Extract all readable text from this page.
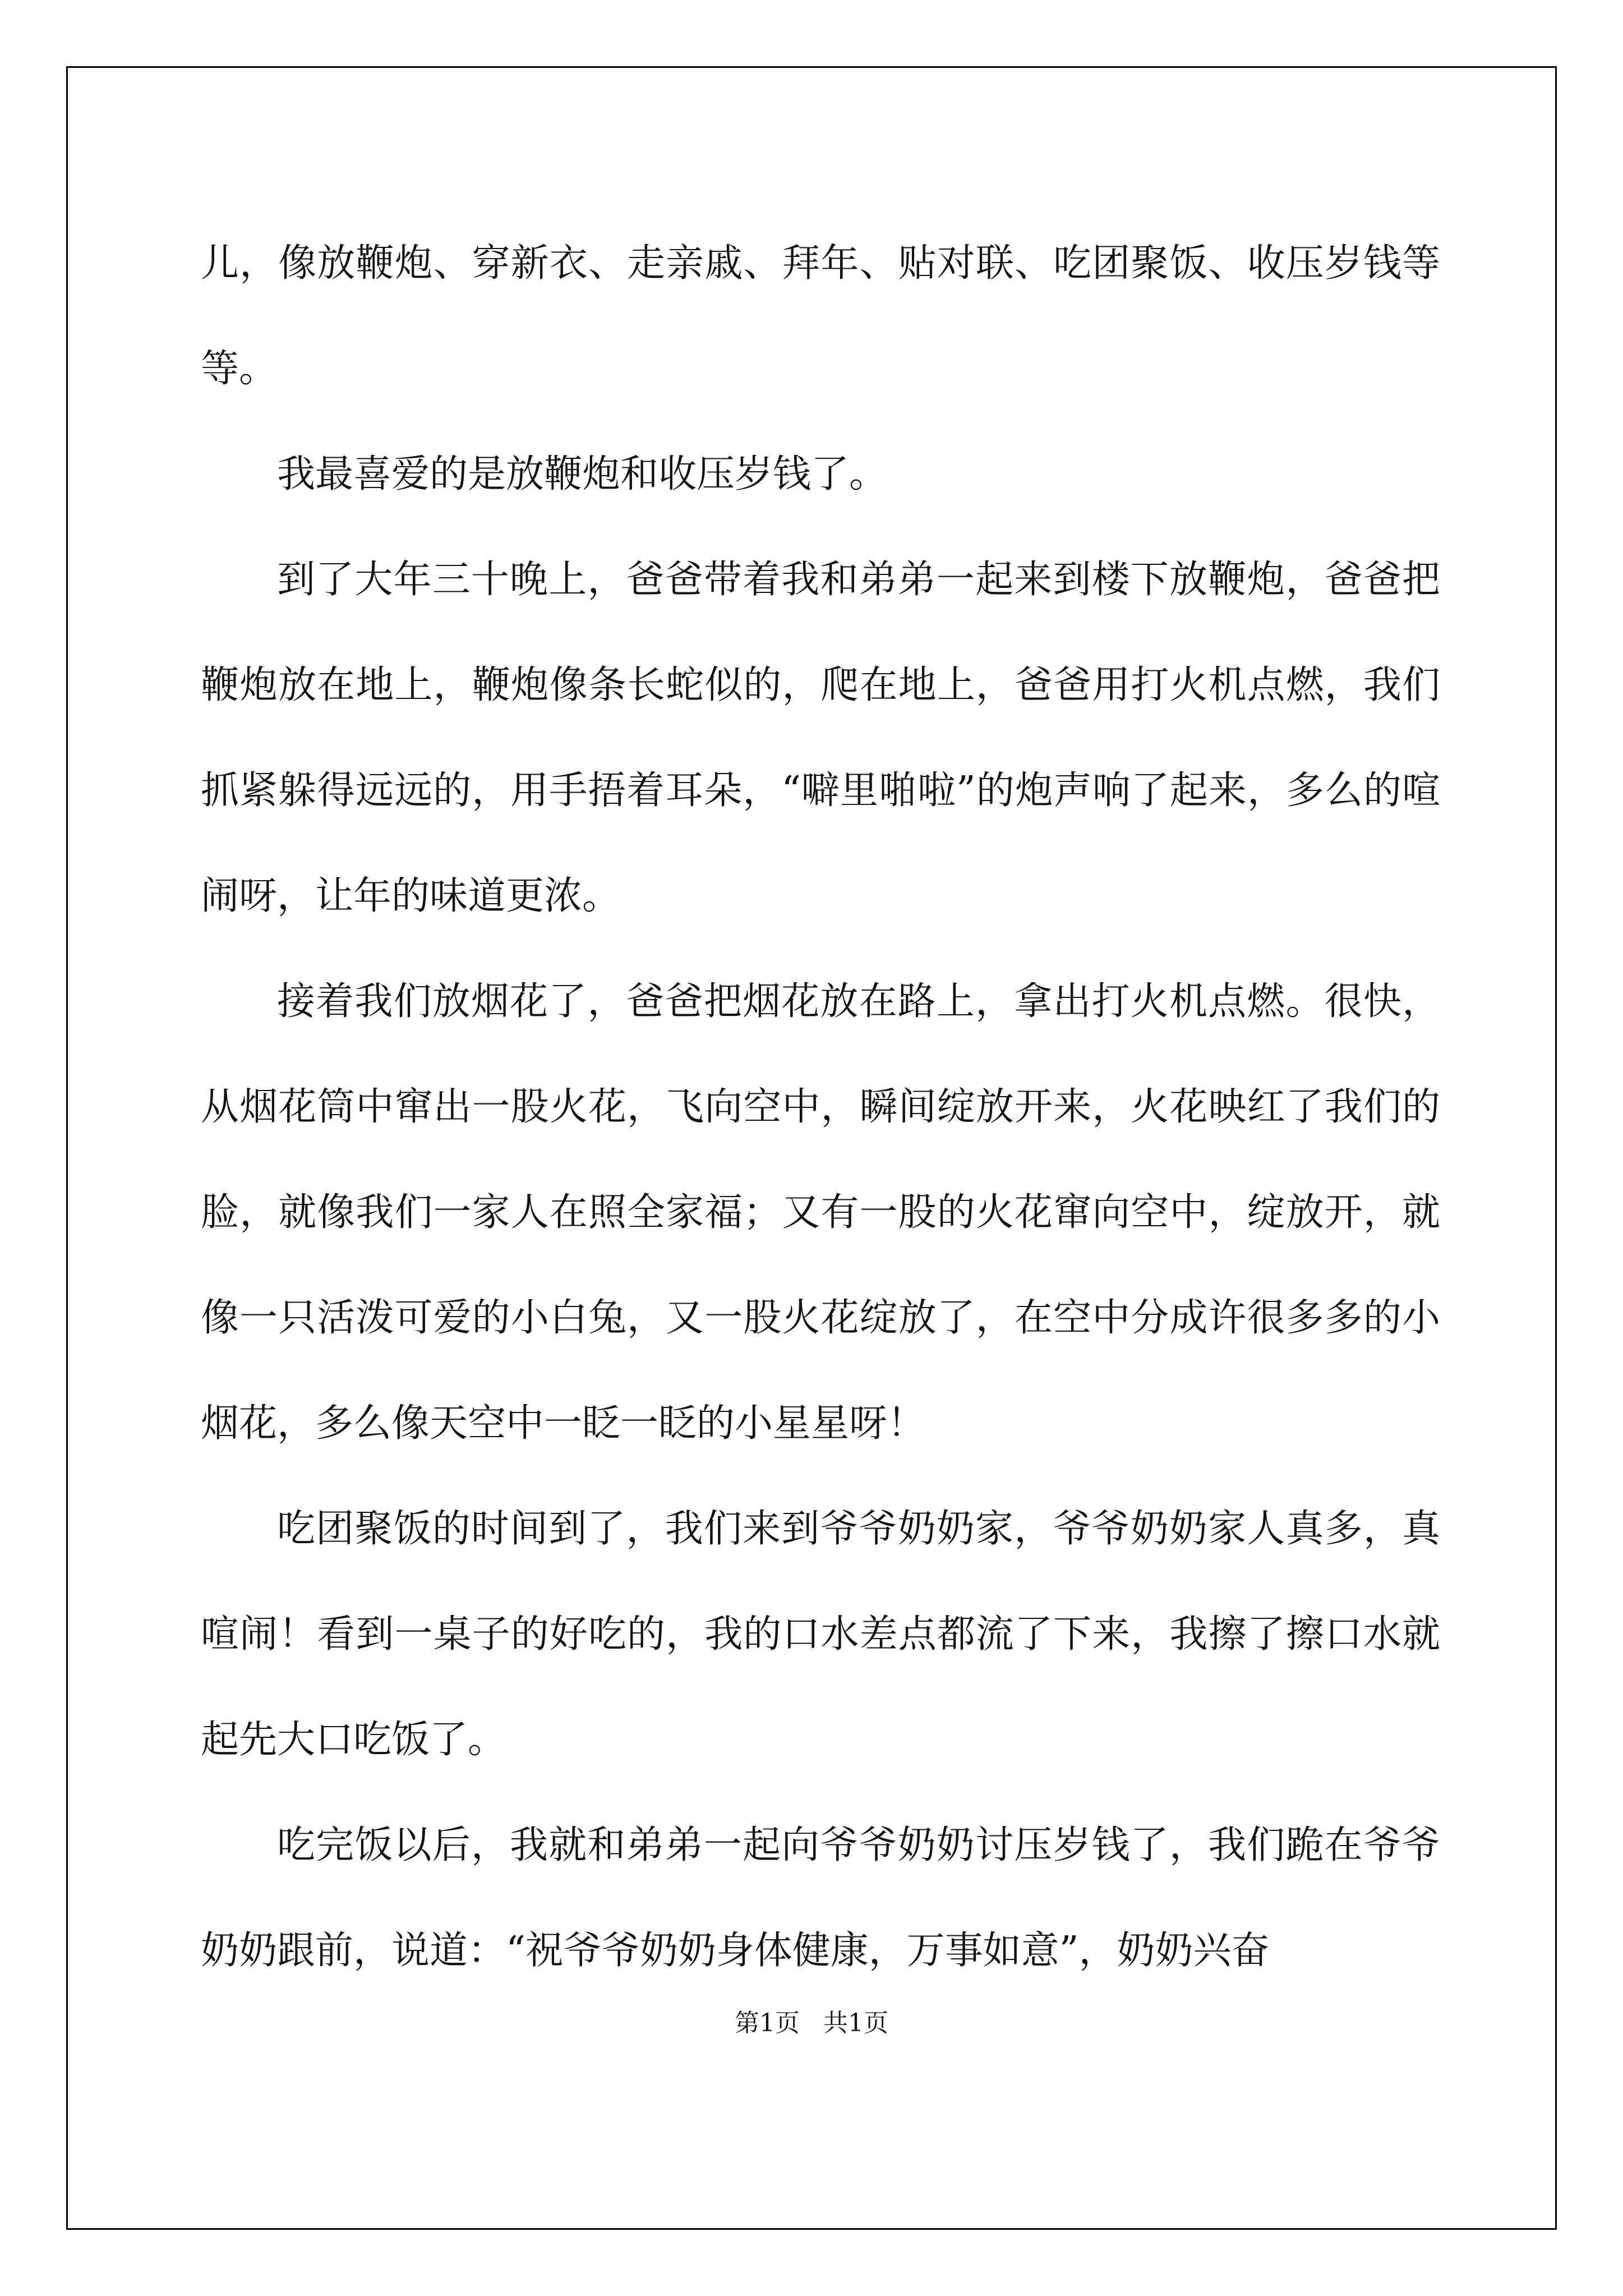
儿，像放鞭炮、穿新衣、走亲戚、拜年、贴对联、吃团聚饭、收压岁钱等等。

我最喜爱的是放鞭炮和收压岁钱了。

到了大年三十晚上，爸爸带着我和弟弟一起来到楼下放鞭炮，爸爸把鞭炮放在地上，鞭炮像条长蛇似的，爬在地上，爸爸用打火机点燃，我们抓紧躲得远远的，用手捂着耳朵，“噼里啪啦”的炮声响了起来，多么的喧闹呀，让年的味道更浓。

接着我们放烟花了，爸爸把烟花放在路上，拿出打火机点燃。很快，从烟花筒中窜出一股火花，飞向空中，瞬间绽放开来，火花映红了我们的脸，就像我们一家人在照全家福；又有一股的火花窜向空中，绽放开，就像一只活泼可爱的小白兔，又一股火花绽放了，在空中分成许很多多的小烟花，多么像天空中一眨一眨的小星星呀！

吃团聚饭的时间到了，我们来到爷爷奶奶家，爷爷奶奶家人真多，真喧闹！看到一桌子的好吃的，我的口水差点都流了下来，我擦了擦口水就起先大口吃饭了。

吃完饭以后，我就和弟弟一起向爷爷奶奶讨压岁钱了，我们跪在爷爷奶奶跟前，说道：“祝爷爷奶奶身体健康，万事如意”，奶奶兴奋

第1页   共1页
